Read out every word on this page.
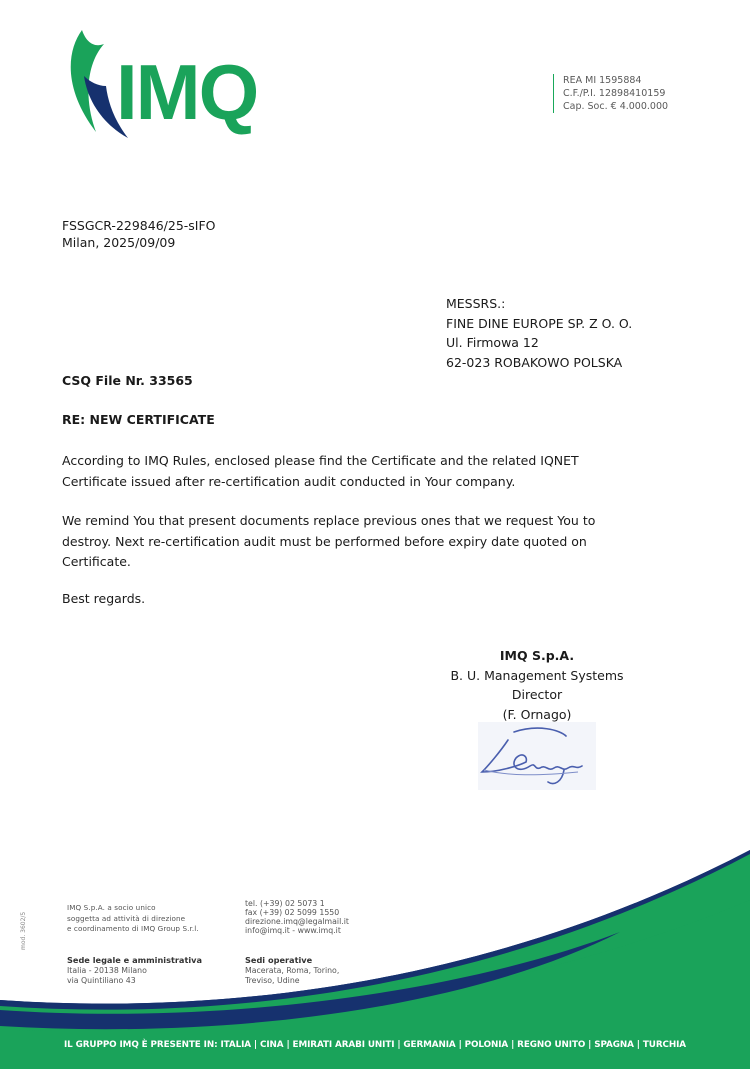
IMQ	REA MI 1595884
C.F./P.I. 12898410159
Cap. Soc. € 4.000.000
FSSGCR-229846/25-sIFO
Milan, 2025/09/09
MESSRS.:
FINE DINE EUROPE SP. Z O. O.
Ul. Firmowa 12
62-023 ROBAKOWO POLSKA
CSQ File Nr. 33565
RE: NEW CERTIFICATE
According to IMQ Rules, enclosed please find the Certificate and the related IQNET Certificate issued after re-certification audit conducted in Your company.
We remind You that present documents replace previous ones that we request You to destroy. Next re-certification audit must be performed before expiry date quoted on Certificate.
Best regards.
IMQ S.p.A.
B. U. Management Systems
Director
(F. Ornago)
IMQ S.p.A. a socio unico
soggetta ad attività di direzione
e coordinamento di IMQ Group S.r.l.
tel. (+39) 02 5073 1
fax (+39) 02 5099 1550
direzione.imq@legalmail.it
info@imq.it - www.imq.it
Sede legale e amministrativa
Italia - 20138 Milano
via Quintiliano 43
Sedi operative
Macerata, Roma, Torino,
Treviso, Udine
mod. 3602/5
IL GRUPPO IMQ È PRESENTE IN: ITALIA | CINA | EMIRATI ARABI UNITI | GERMANIA | POLONIA | REGNO UNITO | SPAGNA | TURCHIA
